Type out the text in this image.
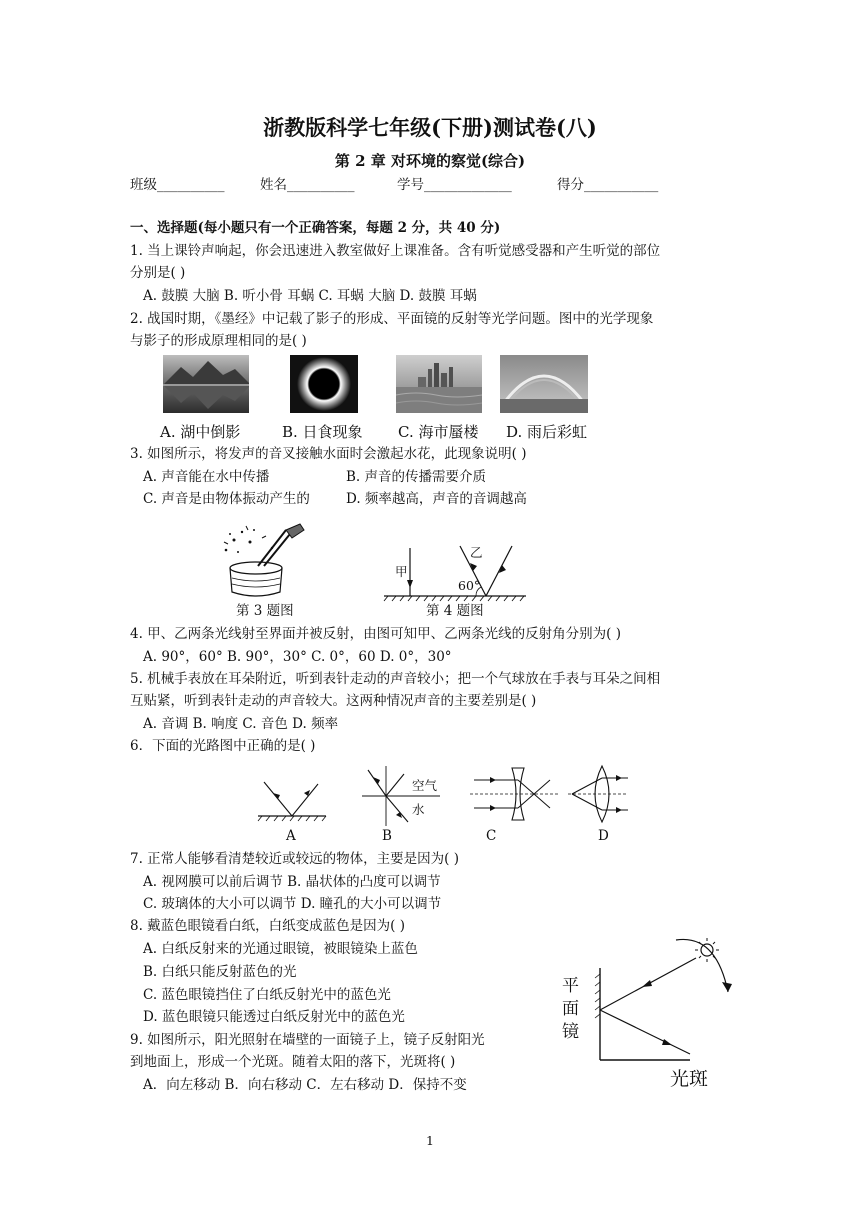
浙教版科学七年级(下册)测试卷(八)
第 2 章 对环境的察觉(综合)
班级__________	姓名__________	学号_____________	得分___________
一、选择题(每小题只有一个正确答案，每题 2 分，共 40 分)
1. 当上课铃声响起，你会迅速进入教室做好上课准备。含有听觉感受器和产生听觉的部位
分别是( )
A. 鼓膜 大脑 B. 听小骨 耳蜗 C. 耳蜗 大脑 D. 鼓膜 耳蜗
2. 战国时期，《墨经》中记载了影子的形成、平面镜的反射等光学问题。图中的光学现象
与影子的形成原理相同的是( )
A. 湖中倒影	B. 日食现象 C. 海市蜃楼 D. 雨后彩虹
3. 如图所示，将发声的音叉接触水面时会激起水花，此现象说明( )
A. 声音能在水中传播	B. 声音的传播需要介质
C. 声音是由物体振动产生的	D. 频率越高，声音的音调越高
第 3 题图
甲
乙
60°
第 4 题图
4. 甲、乙两条光线射至界面并被反射，由图可知甲、乙两条光线的反射角分别为( )
A. 90°，60° B. 90°，30° C. 0°，60 D. 0°，30°
5. 机械手表放在耳朵附近，听到表针走动的声音较小；把一个气球放在手表与耳朵之间相
互贴紧，听到表针走动的声音较大。这两种情况声音的主要差别是( )
A. 音调 B. 响度 C. 音色 D. 频率
6．下面的光路图中正确的是( )
空气
水
A	B	C	D
7. 正常人能够看清楚较近或较远的物体，主要是因为( )
A. 视网膜可以前后调节 B. 晶状体的凸度可以调节
C. 玻璃体的大小可以调节 D. 瞳孔的大小可以调节
8. 戴蓝色眼镜看白纸，白纸变成蓝色是因为( )
A. 白纸反射来的光通过眼镜，被眼镜染上蓝色
B. 白纸只能反射蓝色的光
C. 蓝色眼镜挡住了白纸反射光中的蓝色光
D. 蓝色眼镜只能透过白纸反射光中的蓝色光
9. 如图所示，阳光照射在墙壁的一面镜子上，镜子反射阳光
到地面上，形成一个光斑。随着太阳的落下，光斑将( )
A．向左移动 B．向右移动 C．左右移动 D．保持不变
平
面
镜
光斑
1
